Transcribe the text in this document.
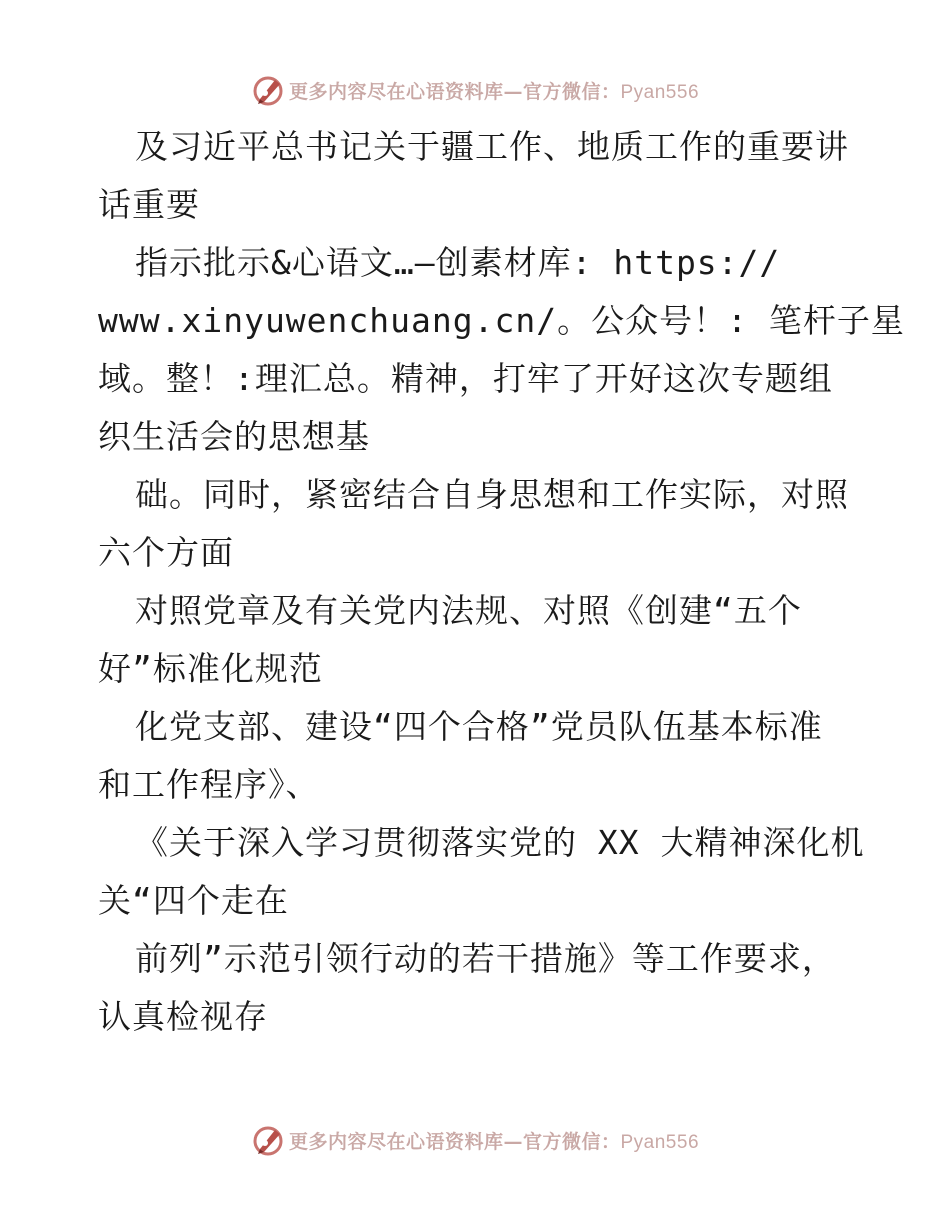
更多内容尽在心语资料库—官方微信：Pyan556
及习近平总书记关于疆工作、地质工作的重要讲
话重要
指示批示&心语文…—创素材库: https://
www.xinyuwenchuang.cn/。公众号！: 笔杆子星
域。整！:理汇总。精神，打牢了开好这次专题组
织生活会的思想基
础。同时，紧密结合自身思想和工作实际，对照
六个方面
对照党章及有关党内法规、对照《创建“五个
好”标准化规范
化党支部、建设“四个合格”党员队伍基本标准
和工作程序》、
《关于深入学习贯彻落实党的 XX 大精神深化机
关“四个走在
前列”示范引领行动的若干措施》等工作要求，
认真检视存
更多内容尽在心语资料库—官方微信：Pyan556
